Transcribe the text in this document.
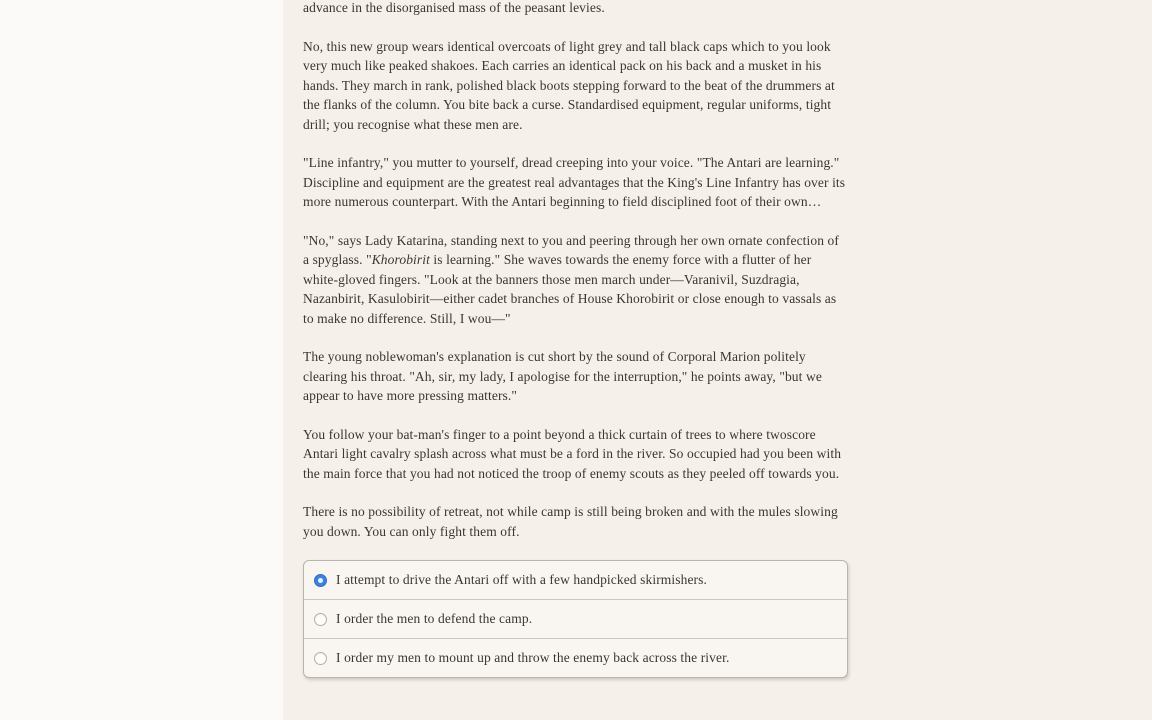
advance in the disorganised mass of the peasant levies.

No, this new group wears identical overcoats of light grey and tall black caps which to you look very much like peaked shakoes. Each carries an identical pack on his back and a musket in his hands. They march in rank, polished black boots stepping forward to the beat of the drummers at the flanks of the column. You bite back a curse. Standardised equipment, regular uniforms, tight drill; you recognise what these men are.

"Line infantry," you mutter to yourself, dread creeping into your voice. "The Antari are learning." Discipline and equipment are the greatest real advantages that the King's Line Infantry has over its more numerous counterpart. With the Antari beginning to field disciplined foot of their own…

"No," says Lady Katarina, standing next to you and peering through her own ornate confection of a spyglass. "Khorobirit is learning." She waves towards the enemy force with a flutter of her white-gloved fingers. "Look at the banners those men march under—Varanivil, Suzdragia, Nazanbirit, Kasulobirit—either cadet branches of House Khorobirit or close enough to vassals as to make no difference. Still, I wou—"

The young noblewoman's explanation is cut short by the sound of Corporal Marion politely clearing his throat. "Ah, sir, my lady, I apologise for the interruption," he points away, "but we appear to have more pressing matters."

You follow your bat-man's finger to a point beyond a thick curtain of trees to where twoscore Antari light cavalry splash across what must be a ford in the river. So occupied had you been with the main force that you had not noticed the troop of enemy scouts as they peeled off towards you.

There is no possibility of retreat, not while camp is still being broken and with the mules slowing you down. You can only fight them off.

I attempt to drive the Antari off with a few handpicked skirmishers.
I order the men to defend the camp.
I order my men to mount up and throw the enemy back across the river.
